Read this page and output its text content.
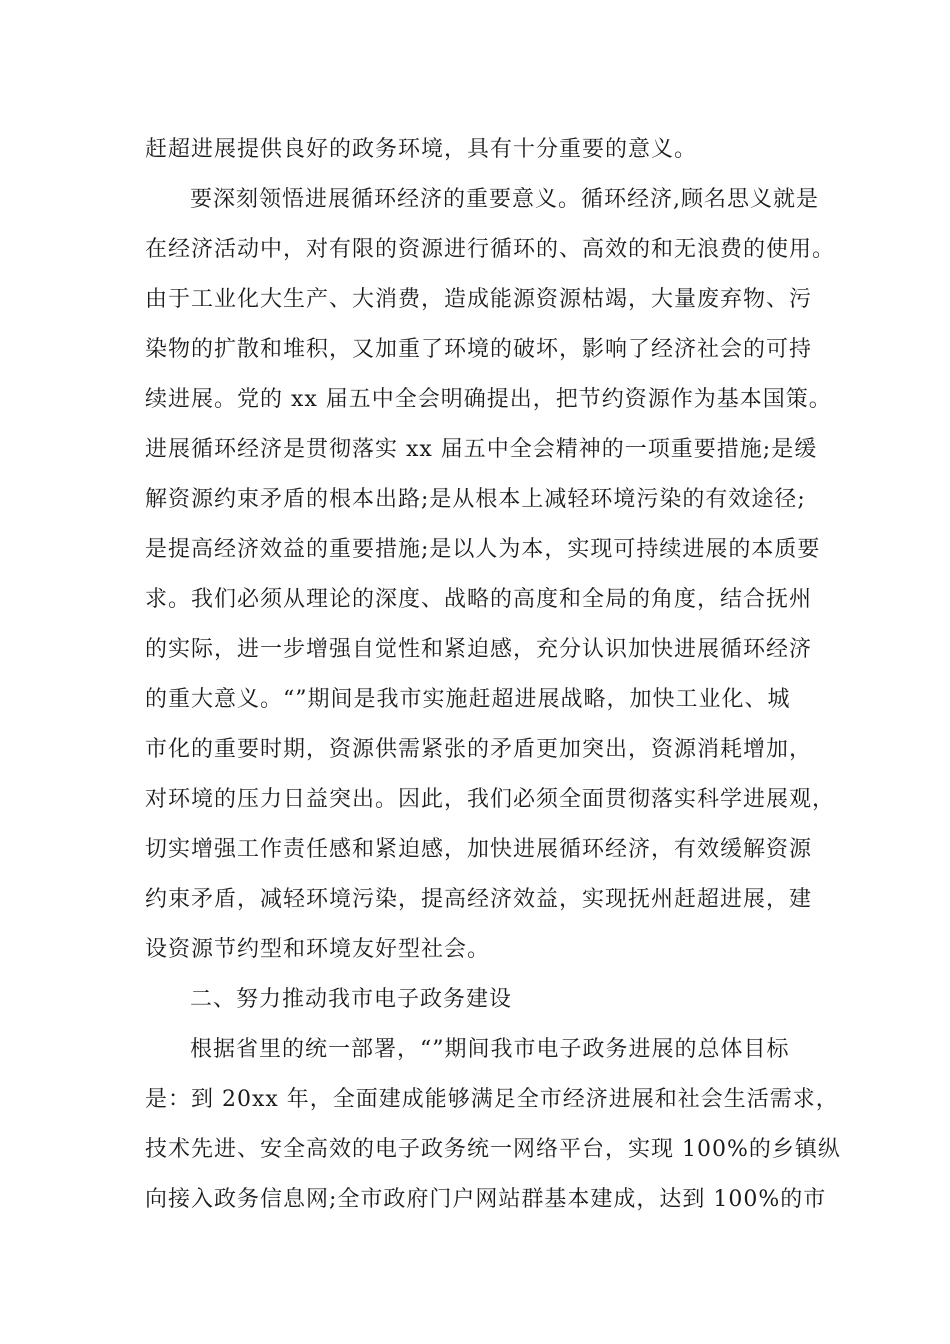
赶超进展提供良好的政务环境，具有十分重要的意义。
要深刻领悟进展循环经济的重要意义。循环经济,顾名思义就是
在经济活动中，对有限的资源进行循环的、高效的和无浪费的使用。
由于工业化大生产、大消费，造成能源资源枯竭，大量废弃物、污
染物的扩散和堆积，又加重了环境的破坏，影响了经济社会的可持
续进展。党的 xx 届五中全会明确提出，把节约资源作为基本国策。
进展循环经济是贯彻落实 xx 届五中全会精神的一项重要措施;是缓
解资源约束矛盾的根本出路;是从根本上减轻环境污染的有效途径;
是提高经济效益的重要措施;是以人为本，实现可持续进展的本质要
求。我们必须从理论的深度、战略的高度和全局的角度，结合抚州
的实际，进一步增强自觉性和紧迫感，充分认识加快进展循环经济
的重大意义。“”期间是我市实施赶超进展战略，加快工业化、城
市化的重要时期，资源供需紧张的矛盾更加突出，资源消耗增加，
对环境的压力日益突出。因此，我们必须全面贯彻落实科学进展观，
切实增强工作责任感和紧迫感，加快进展循环经济，有效缓解资源
约束矛盾，减轻环境污染，提高经济效益，实现抚州赶超进展，建
设资源节约型和环境友好型社会。
二、努力推动我市电子政务建设
根据省里的统一部署，“”期间我市电子政务进展的总体目标
是：到 20xx 年，全面建成能够满足全市经济进展和社会生活需求，
技术先进、安全高效的电子政务统一网络平台，实现 100%的乡镇纵
向接入政务信息网;全市政府门户网站群基本建成，达到 100%的市
